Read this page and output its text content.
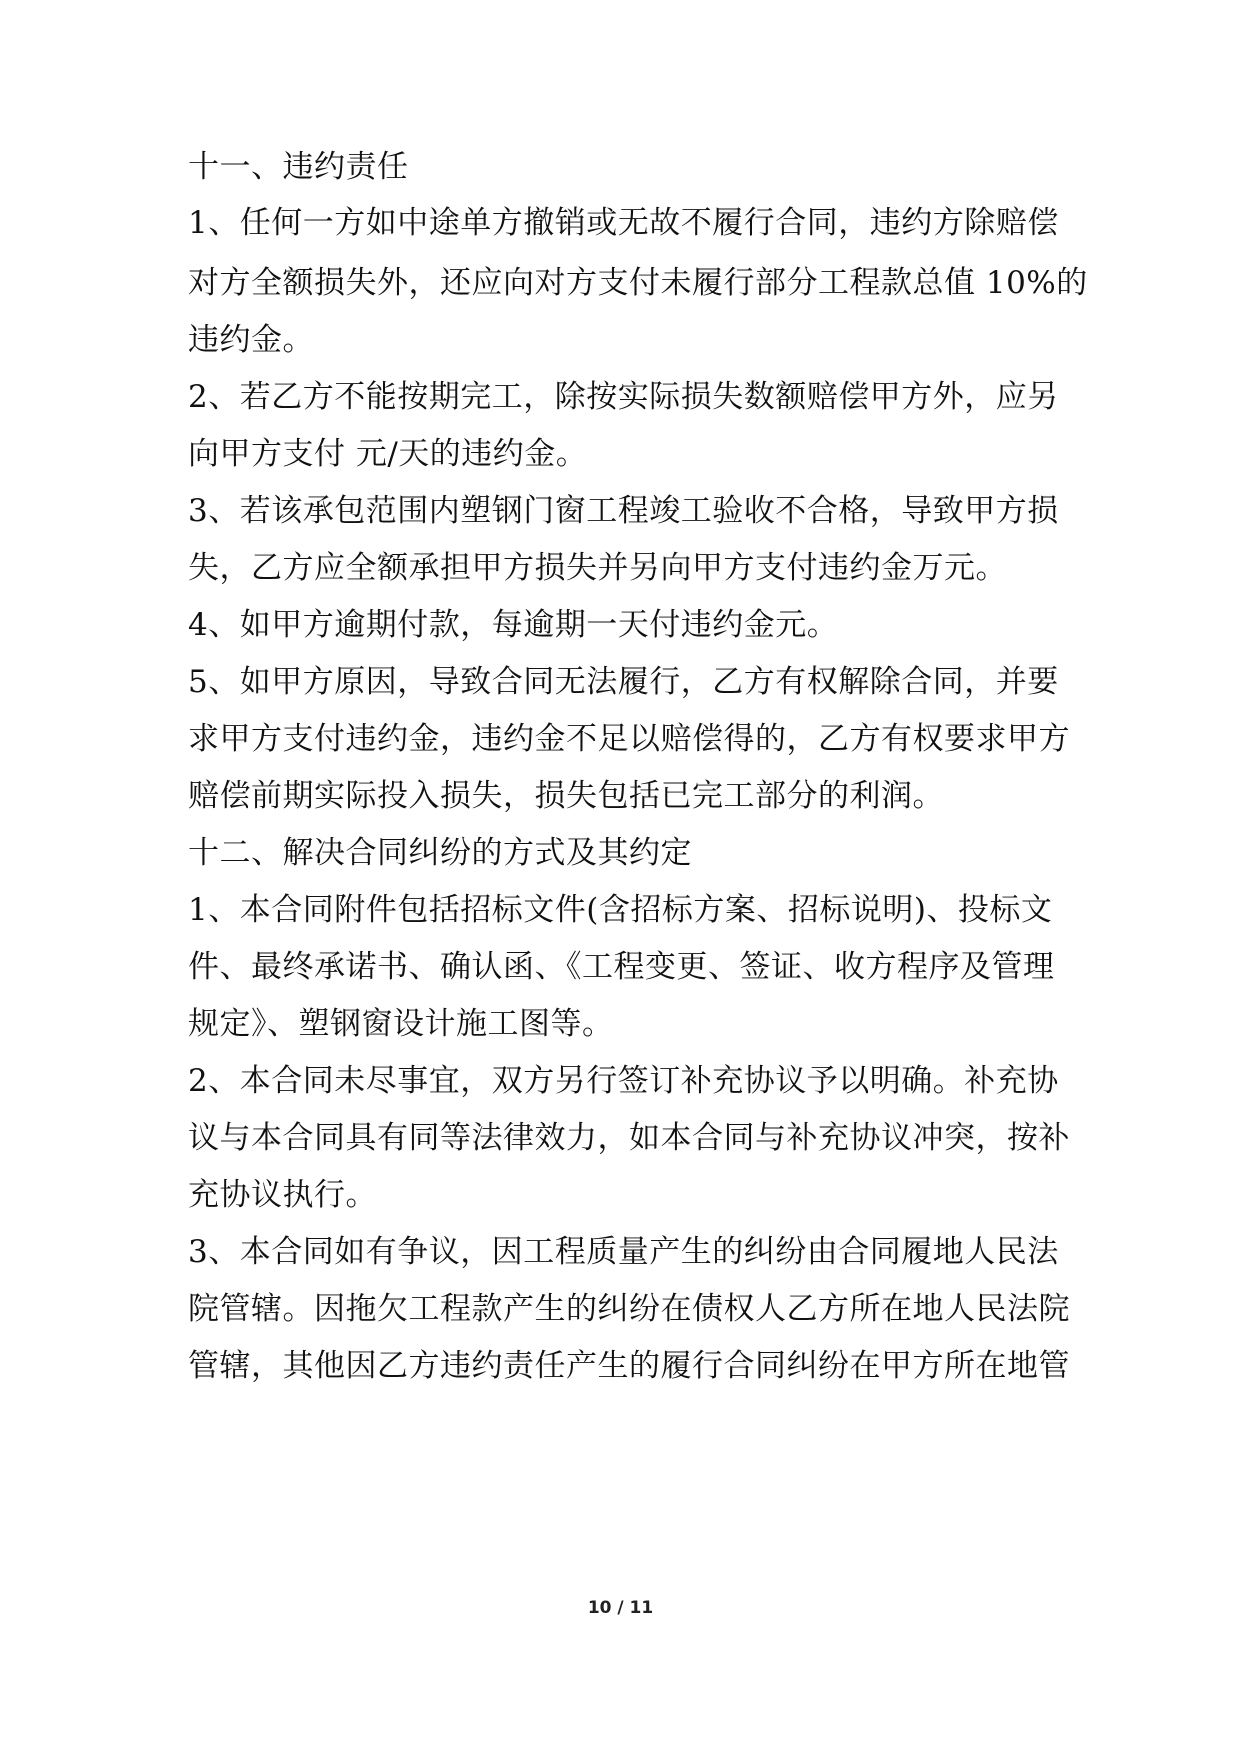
十一、违约责任
1、任何一方如中途单方撤销或无故不履行合同，违约方除赔偿
对方全额损失外，还应向对方支付未履行部分工程款总值 10%的
违约金。
2、若乙方不能按期完工，除按实际损失数额赔偿甲方外，应另
向甲方支付 元/天的违约金。
3、若该承包范围内塑钢门窗工程竣工验收不合格，导致甲方损
失，乙方应全额承担甲方损失并另向甲方支付违约金万元。
4、如甲方逾期付款，每逾期一天付违约金元。
5、如甲方原因，导致合同无法履行，乙方有权解除合同，并要
求甲方支付违约金，违约金不足以赔偿得的，乙方有权要求甲方
赔偿前期实际投入损失，损失包括已完工部分的利润。
十二、解决合同纠纷的方式及其约定
1、本合同附件包括招标文件(含招标方案、招标说明)、投标文
件、最终承诺书、确认函、《工程变更、签证、收方程序及管理
规定》、塑钢窗设计施工图等。
2、本合同未尽事宜，双方另行签订补充协议予以明确。补充协
议与本合同具有同等法律效力，如本合同与补充协议冲突，按补
充协议执行。
3、本合同如有争议，因工程质量产生的纠纷由合同履地人民法
院管辖。因拖欠工程款产生的纠纷在债权人乙方所在地人民法院
管辖，其他因乙方违约责任产生的履行合同纠纷在甲方所在地管
10 / 11
